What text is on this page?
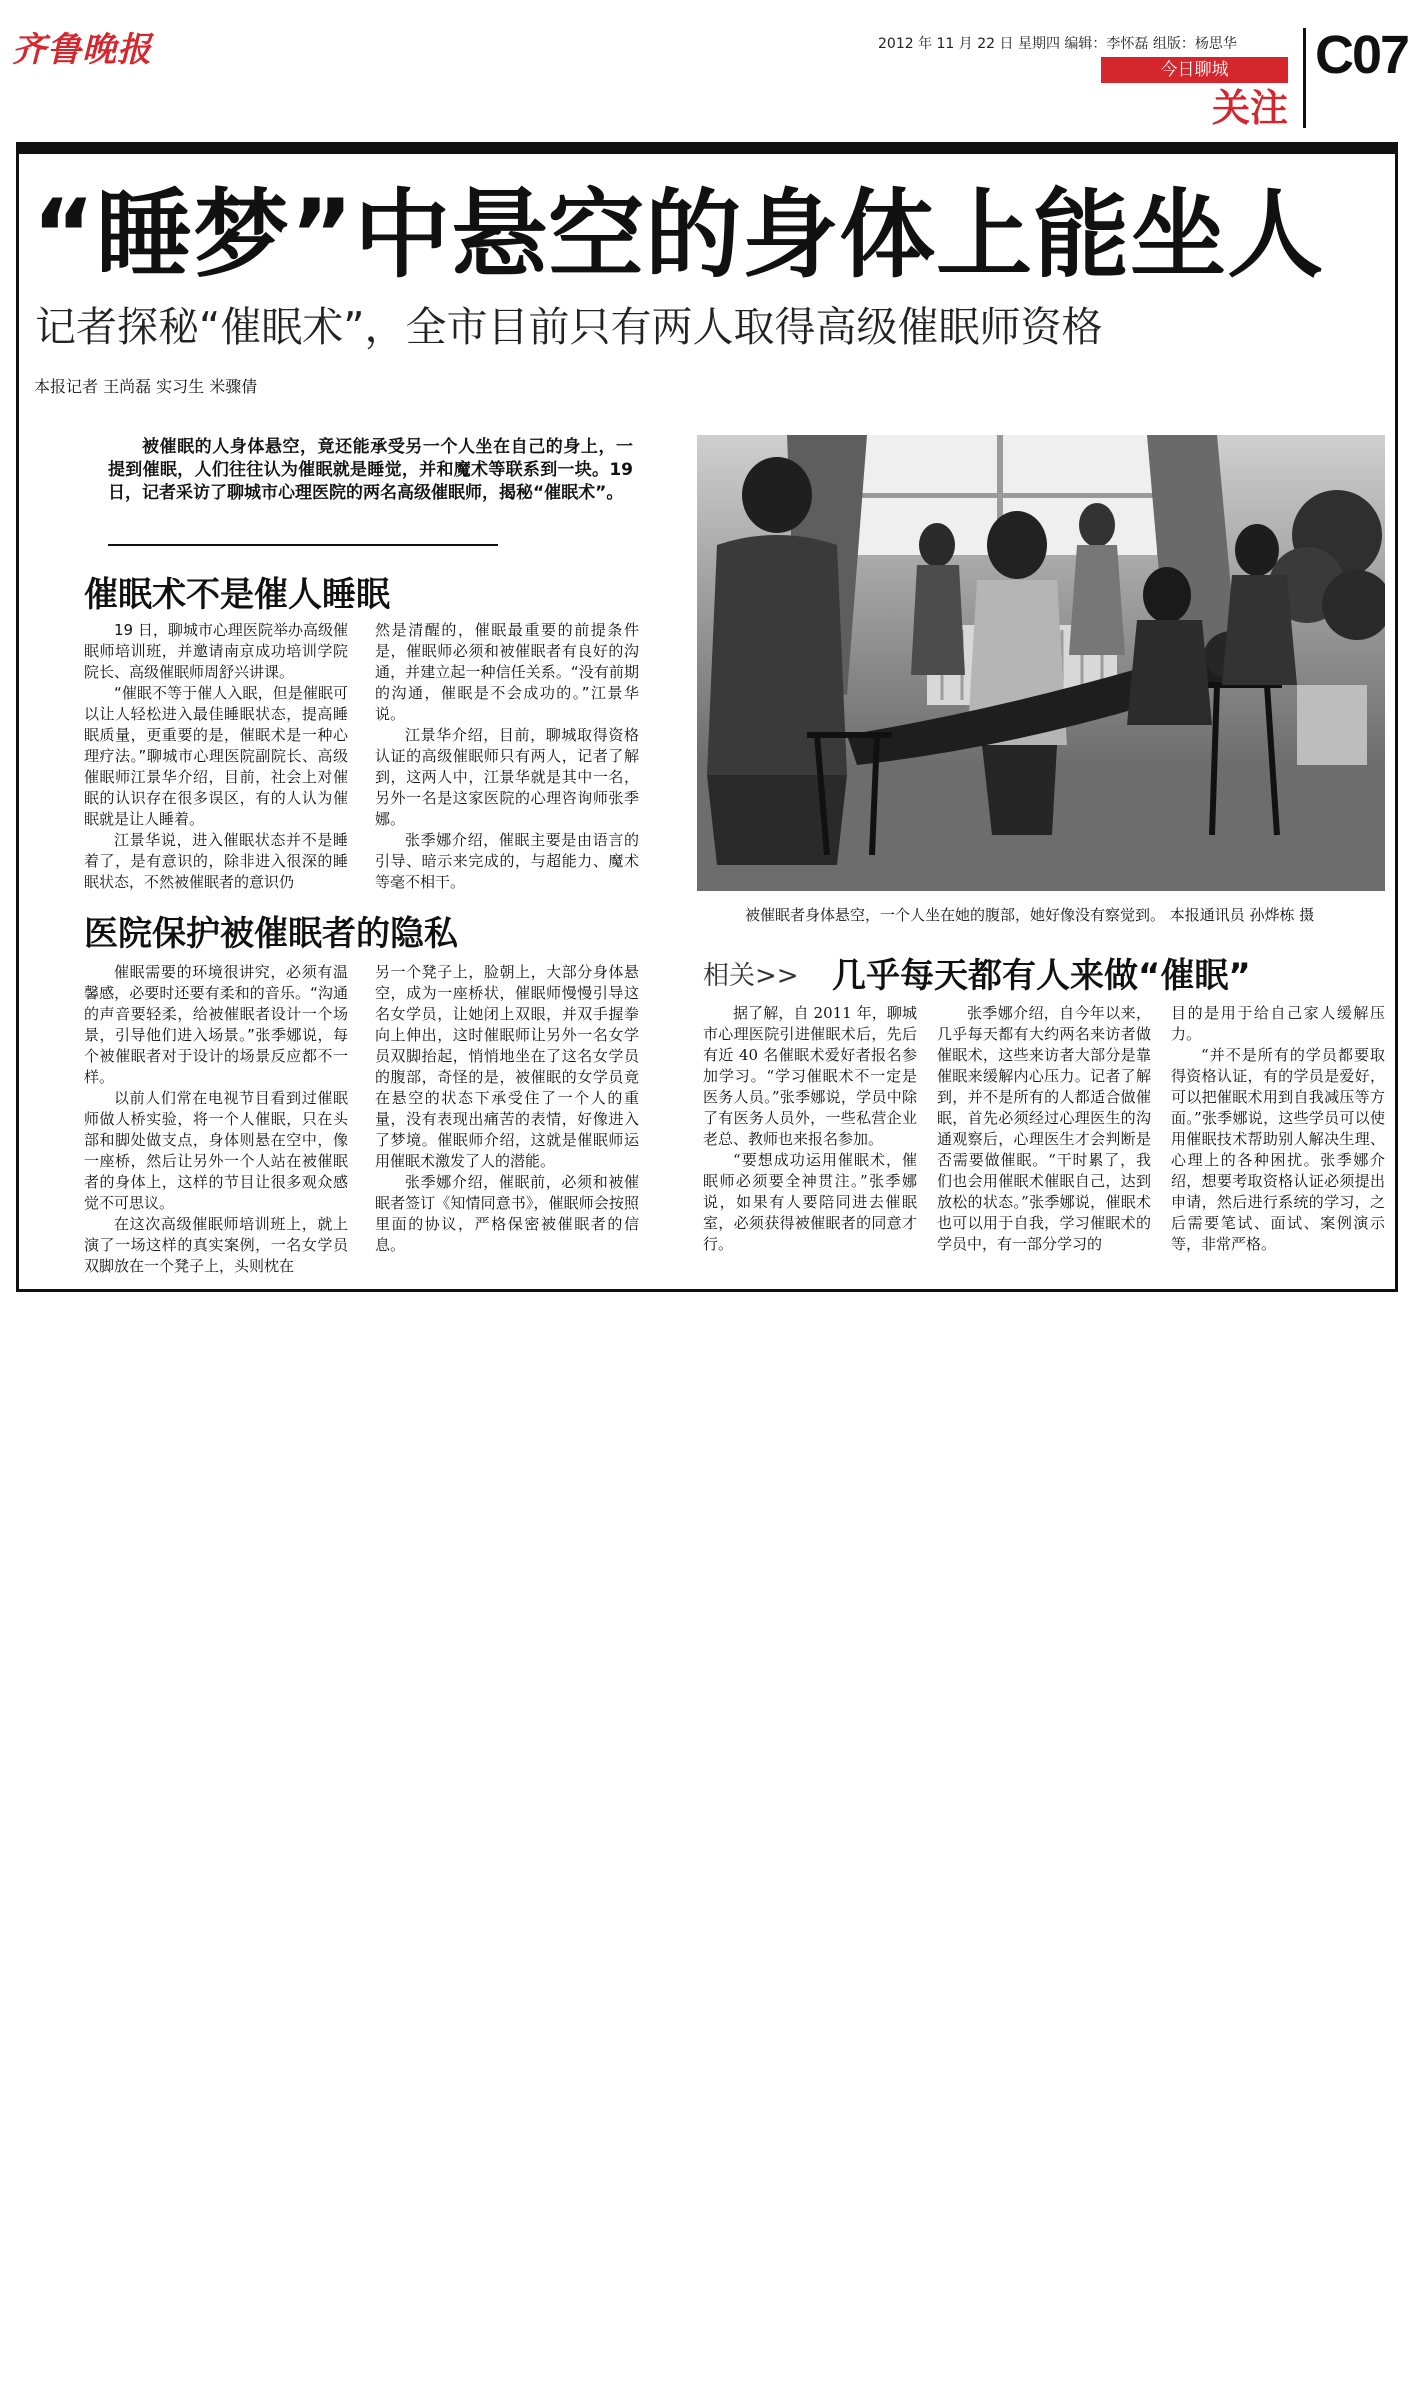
齐鲁晚报	2012 年 11 月 22 日 星期四 编辑：李怀磊 组版：杨思华
今日聊城
关注
C07
“睡梦”中悬空的身体上能坐人
记者探秘“催眠术”，全市目前只有两人取得高级催眠师资格
本报记者 王尚磊 实习生 米骤倩
被催眠的人身体悬空，竟还能承受另一个人坐在自己的身上，一提到催眠，人们往往认为催眠就是睡觉，并和魔术等联系到一块。19 日，记者采访了聊城市心理医院的两名高级催眠师，揭秘“催眠术”。
催眠术不是催人睡眠

19 日，聊城市心理医院举办高级催眠师培训班，并邀请南京成功培训学院院长、高级催眠师周舒兴讲课。

“催眠不等于催人入眠，但是催眠可以让人轻松进入最佳睡眠状态，提高睡眠质量，更重要的是，催眠术是一种心理疗法。”聊城市心理医院副院长、高级催眠师江景华介绍，目前，社会上对催眠的认识存在很多误区，有的人认为催眠就是让人睡着。

江景华说，进入催眠状态并不是睡着了，是有意识的，除非进入很深的睡眠状态，不然被催眠者的意识仍

然是清醒的，催眠最重要的前提条件是，催眠师必须和被催眠者有良好的沟通，并建立起一种信任关系。“没有前期的沟通，催眠是不会成功的。”江景华说。

江景华介绍，目前，聊城取得资格认证的高级催眠师只有两人，记者了解到，这两人中，江景华就是其中一名，另外一名是这家医院的心理咨询师张季娜。

张季娜介绍，催眠主要是由语言的引导、暗示来完成的，与超能力、魔术等毫不相干。

医院保护被催眠者的隐私

催眠需要的环境很讲究，必须有温馨感，必要时还要有柔和的音乐。“沟通的声音要轻柔，给被催眠者设计一个场景，引导他们进入场景。”张季娜说，每个被催眠者对于设计的场景反应都不一样。

以前人们常在电视节目看到过催眠师做人桥实验，将一个人催眠，只在头部和脚处做支点，身体则悬在空中，像一座桥，然后让另外一个人站在被催眠者的身体上，这样的节目让很多观众感觉不可思议。

在这次高级催眠师培训班上，就上演了一场这样的真实案例，一名女学员双脚放在一个凳子上，头则枕在

另一个凳子上，脸朝上，大部分身体悬空，成为一座桥状，催眠师慢慢引导这名女学员，让她闭上双眼，并双手握拳向上伸出，这时催眠师让另外一名女学员双脚抬起，悄悄地坐在了这名女学员的腹部，奇怪的是，被催眠的女学员竟在悬空的状态下承受住了一个人的重量，没有表现出痛苦的表情，好像进入了梦境。催眠师介绍，这就是催眠师运用催眠术激发了人的潜能。

张季娜介绍，催眠前，必须和被催眠者签订《知情同意书》，催眠师会按照里面的协议，严格保密被催眠者的信息。

被催眠者身体悬空，一个人坐在她的腹部，她好像没有察觉到。 本报通讯员 孙烨栋 摄
相关>> 几乎每天都有人来做“催眠”

据了解，自 2011 年，聊城市心理医院引进催眠术后，先后有近 40 名催眠术爱好者报名参加学习。“学习催眠术不一定是医务人员。”张季娜说，学员中除了有医务人员外，一些私营企业老总、教师也来报名参加。

“要想成功运用催眠术，催眠师必须要全神贯注。”张季娜说，如果有人要陪同进去催眠室，必须获得被催眠者的同意才行。

张季娜介绍，自今年以来，几乎每天都有大约两名来访者做催眠术，这些来访者大部分是靠催眠来缓解内心压力。记者了解到，并不是所有的人都适合做催眠，首先必须经过心理医生的沟通观察后，心理医生才会判断是否需要做催眠。“干时累了，我们也会用催眠术催眠自己，达到放松的状态。”张季娜说，催眠术也可以用于自我，学习催眠术的学员中，有一部分学习的

目的是用于给自己家人缓解压力。

“并不是所有的学员都要取得资格认证，有的学员是爱好，可以把催眠术用到自我减压等方面。”张季娜说，这些学员可以使用催眠技术帮助别人解决生理、心理上的各种困扰。张季娜介绍，想要考取资格认证必须提出申请，然后进行系统的学习，之后需要笔试、面试、案例演示等，非常严格。
